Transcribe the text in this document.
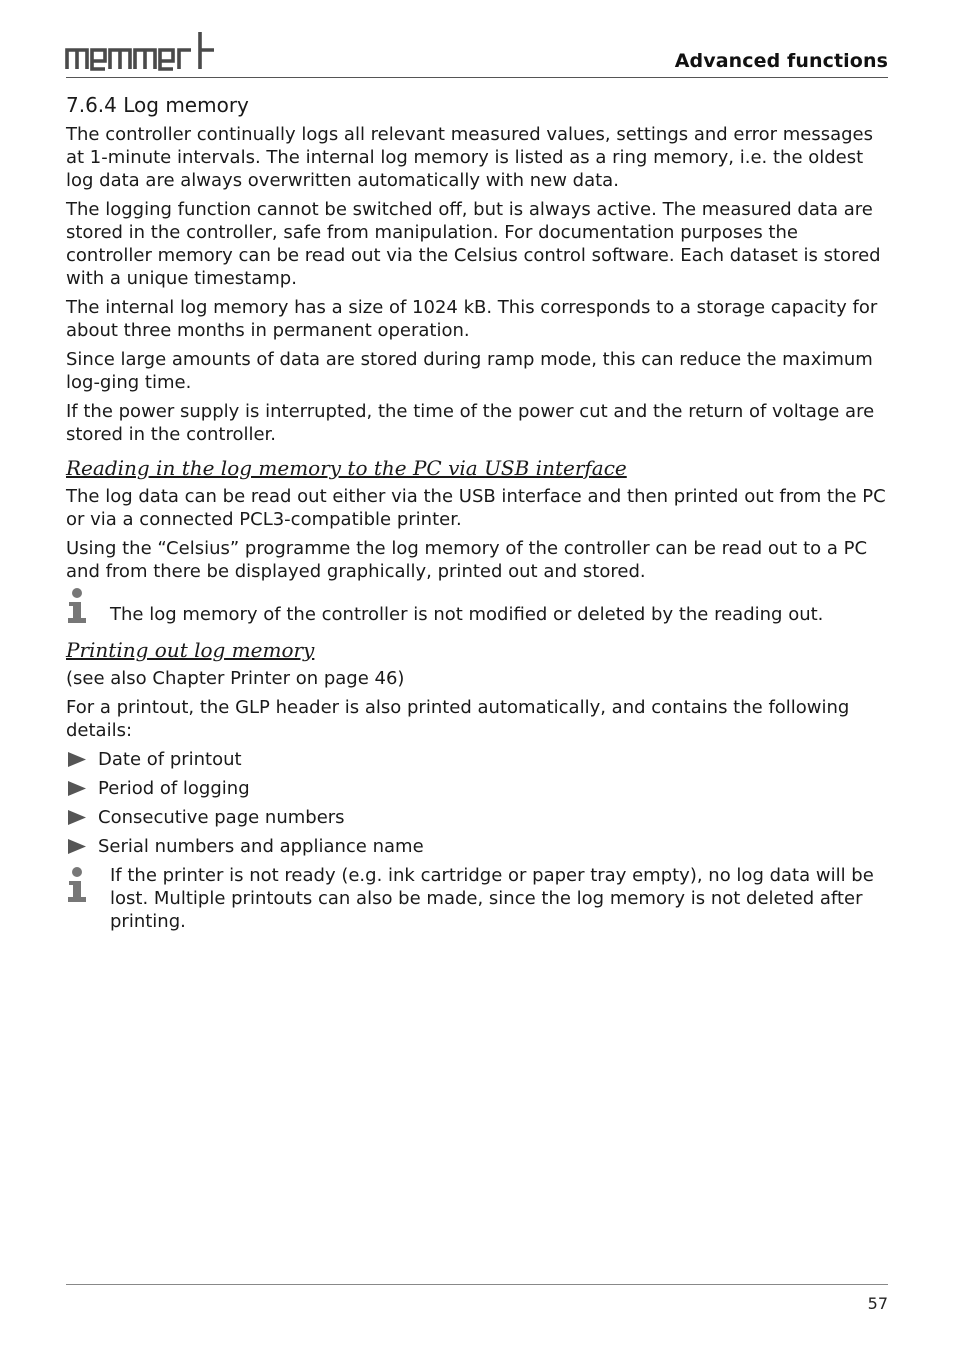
Advanced functions
7.6.4 Log memory

The controller continually logs all relevant measured values, settings and error messages at 1-minute intervals. The internal log memory is listed as a ring memory, i.e. the oldest log data are always overwritten automatically with new data.

The logging function cannot be switched off, but is always active. The measured data are stored in the controller, safe from manipulation. For documentation purposes the controller memory can be read out via the Celsius control software. Each dataset is stored with a unique timestamp.

The internal log memory has a size of 1024 kB. This corresponds to a storage capacity for about three months in permanent operation.

Since large amounts of data are stored during ramp mode, this can reduce the maximum log-ging time.

If the power supply is interrupted, the time of the power cut and the return of voltage are stored in the controller.

Reading in the log memory to the PC via USB interface

The log data can be read out either via the USB interface and then printed out from the PC or via a connected PCL3-compatible printer.

Using the “Celsius” programme the log memory of the controller can be read out to a PC and from there be displayed graphically, printed out and stored.

The log memory of the controller is not modified or deleted by the reading out.
Printing out log memory

(see also Chapter Printer on page 46)

For a printout, the GLP header is also printed automatically, and contains the following details:

Date of printout
Period of logging
Consecutive page numbers
Serial numbers and appliance name
If the printer is not ready (e.g. ink cartridge or paper tray empty), no log data will be lost. Multiple printouts can also be made, since the log memory is not deleted after printing.
57
